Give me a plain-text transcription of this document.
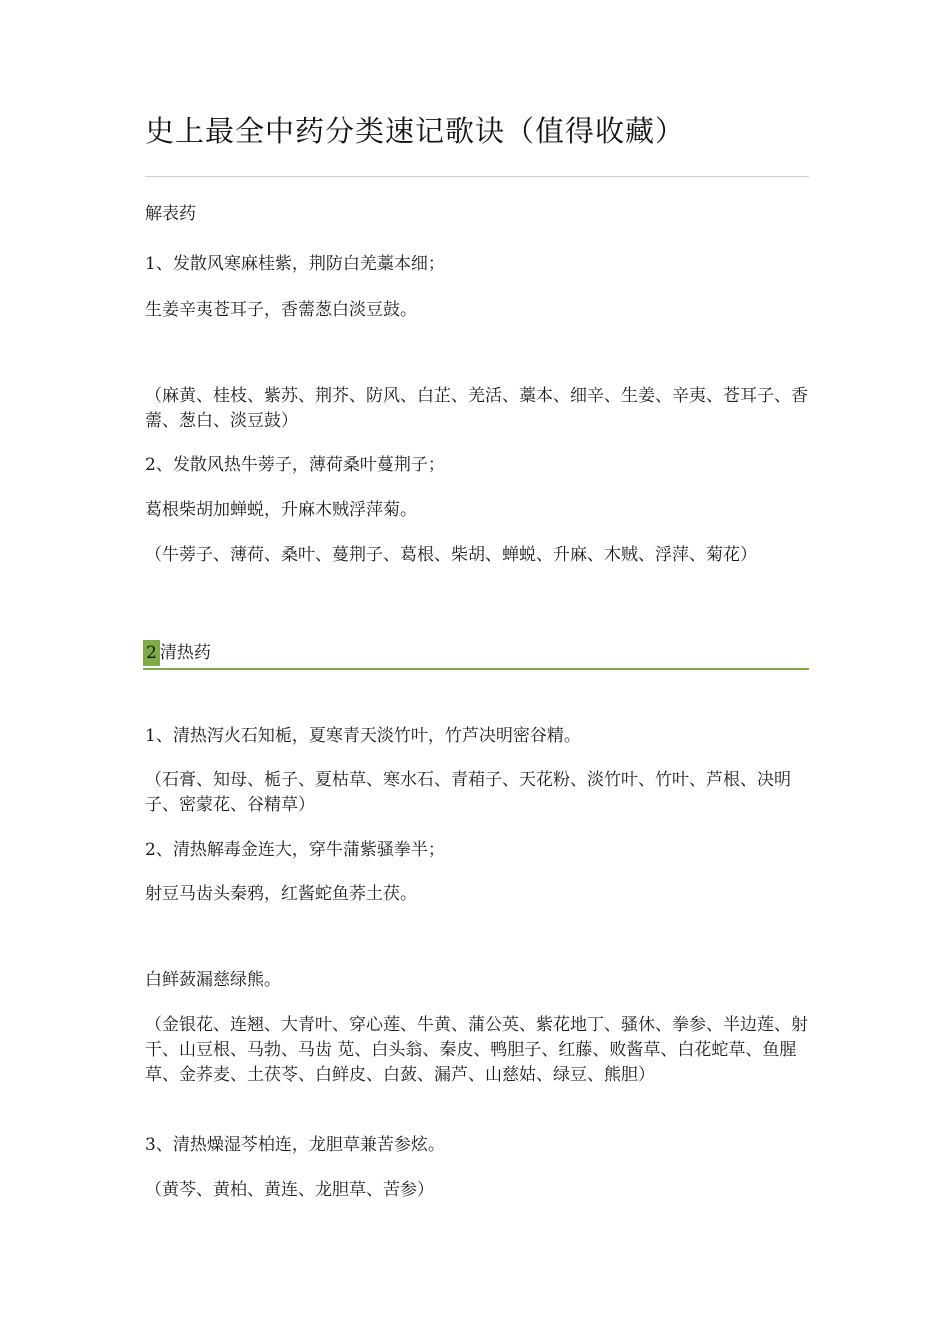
史上最全中药分类速记歌诀（值得收藏）
解表药
1、发散风寒麻桂紫，荆防白羌藁本细；
生姜辛夷苍耳子，香薷葱白淡豆鼓。
（麻黄、桂枝、紫苏、荆芥、防风、白芷、羌活、藁本、细辛、生姜、辛夷、苍耳子、香薷、葱白、淡豆鼓）
2、发散风热牛蒡子，薄荷桑叶蔓荆子；
葛根柴胡加蝉蜕，升麻木贼浮萍菊。
（牛蒡子、薄荷、桑叶、蔓荆子、葛根、柴胡、蝉蜕、升麻、木贼、浮萍、菊花）
2 清热药
1、清热泻火石知栀，夏寒青天淡竹叶，竹芦决明密谷精。
（石膏、知母、栀子、夏枯草、寒水石、青葙子、天花粉、淡竹叶、竹叶、芦根、决明子、密蒙花、谷精草）
2、清热解毒金连大，穿牛蒲紫骚拳半；
射豆马齿头秦鸦，红酱蛇鱼荞土茯。
白鲜蔹漏慈绿熊。
（金银花、连翘、大青叶、穿心莲、牛黄、蒲公英、紫花地丁、骚休、拳参、半边莲、射干、山豆根、马勃、马齿 苋、白头翁、秦皮、鸭胆子、红藤、败酱草、白花蛇草、鱼腥草、金荞麦、土茯苓、白鲜皮、白蔹、漏芦、山慈姑、绿豆、熊胆）
3、清热燥湿芩柏连，龙胆草兼苦参炫。
（黄芩、黄柏、黄连、龙胆草、苦参）
